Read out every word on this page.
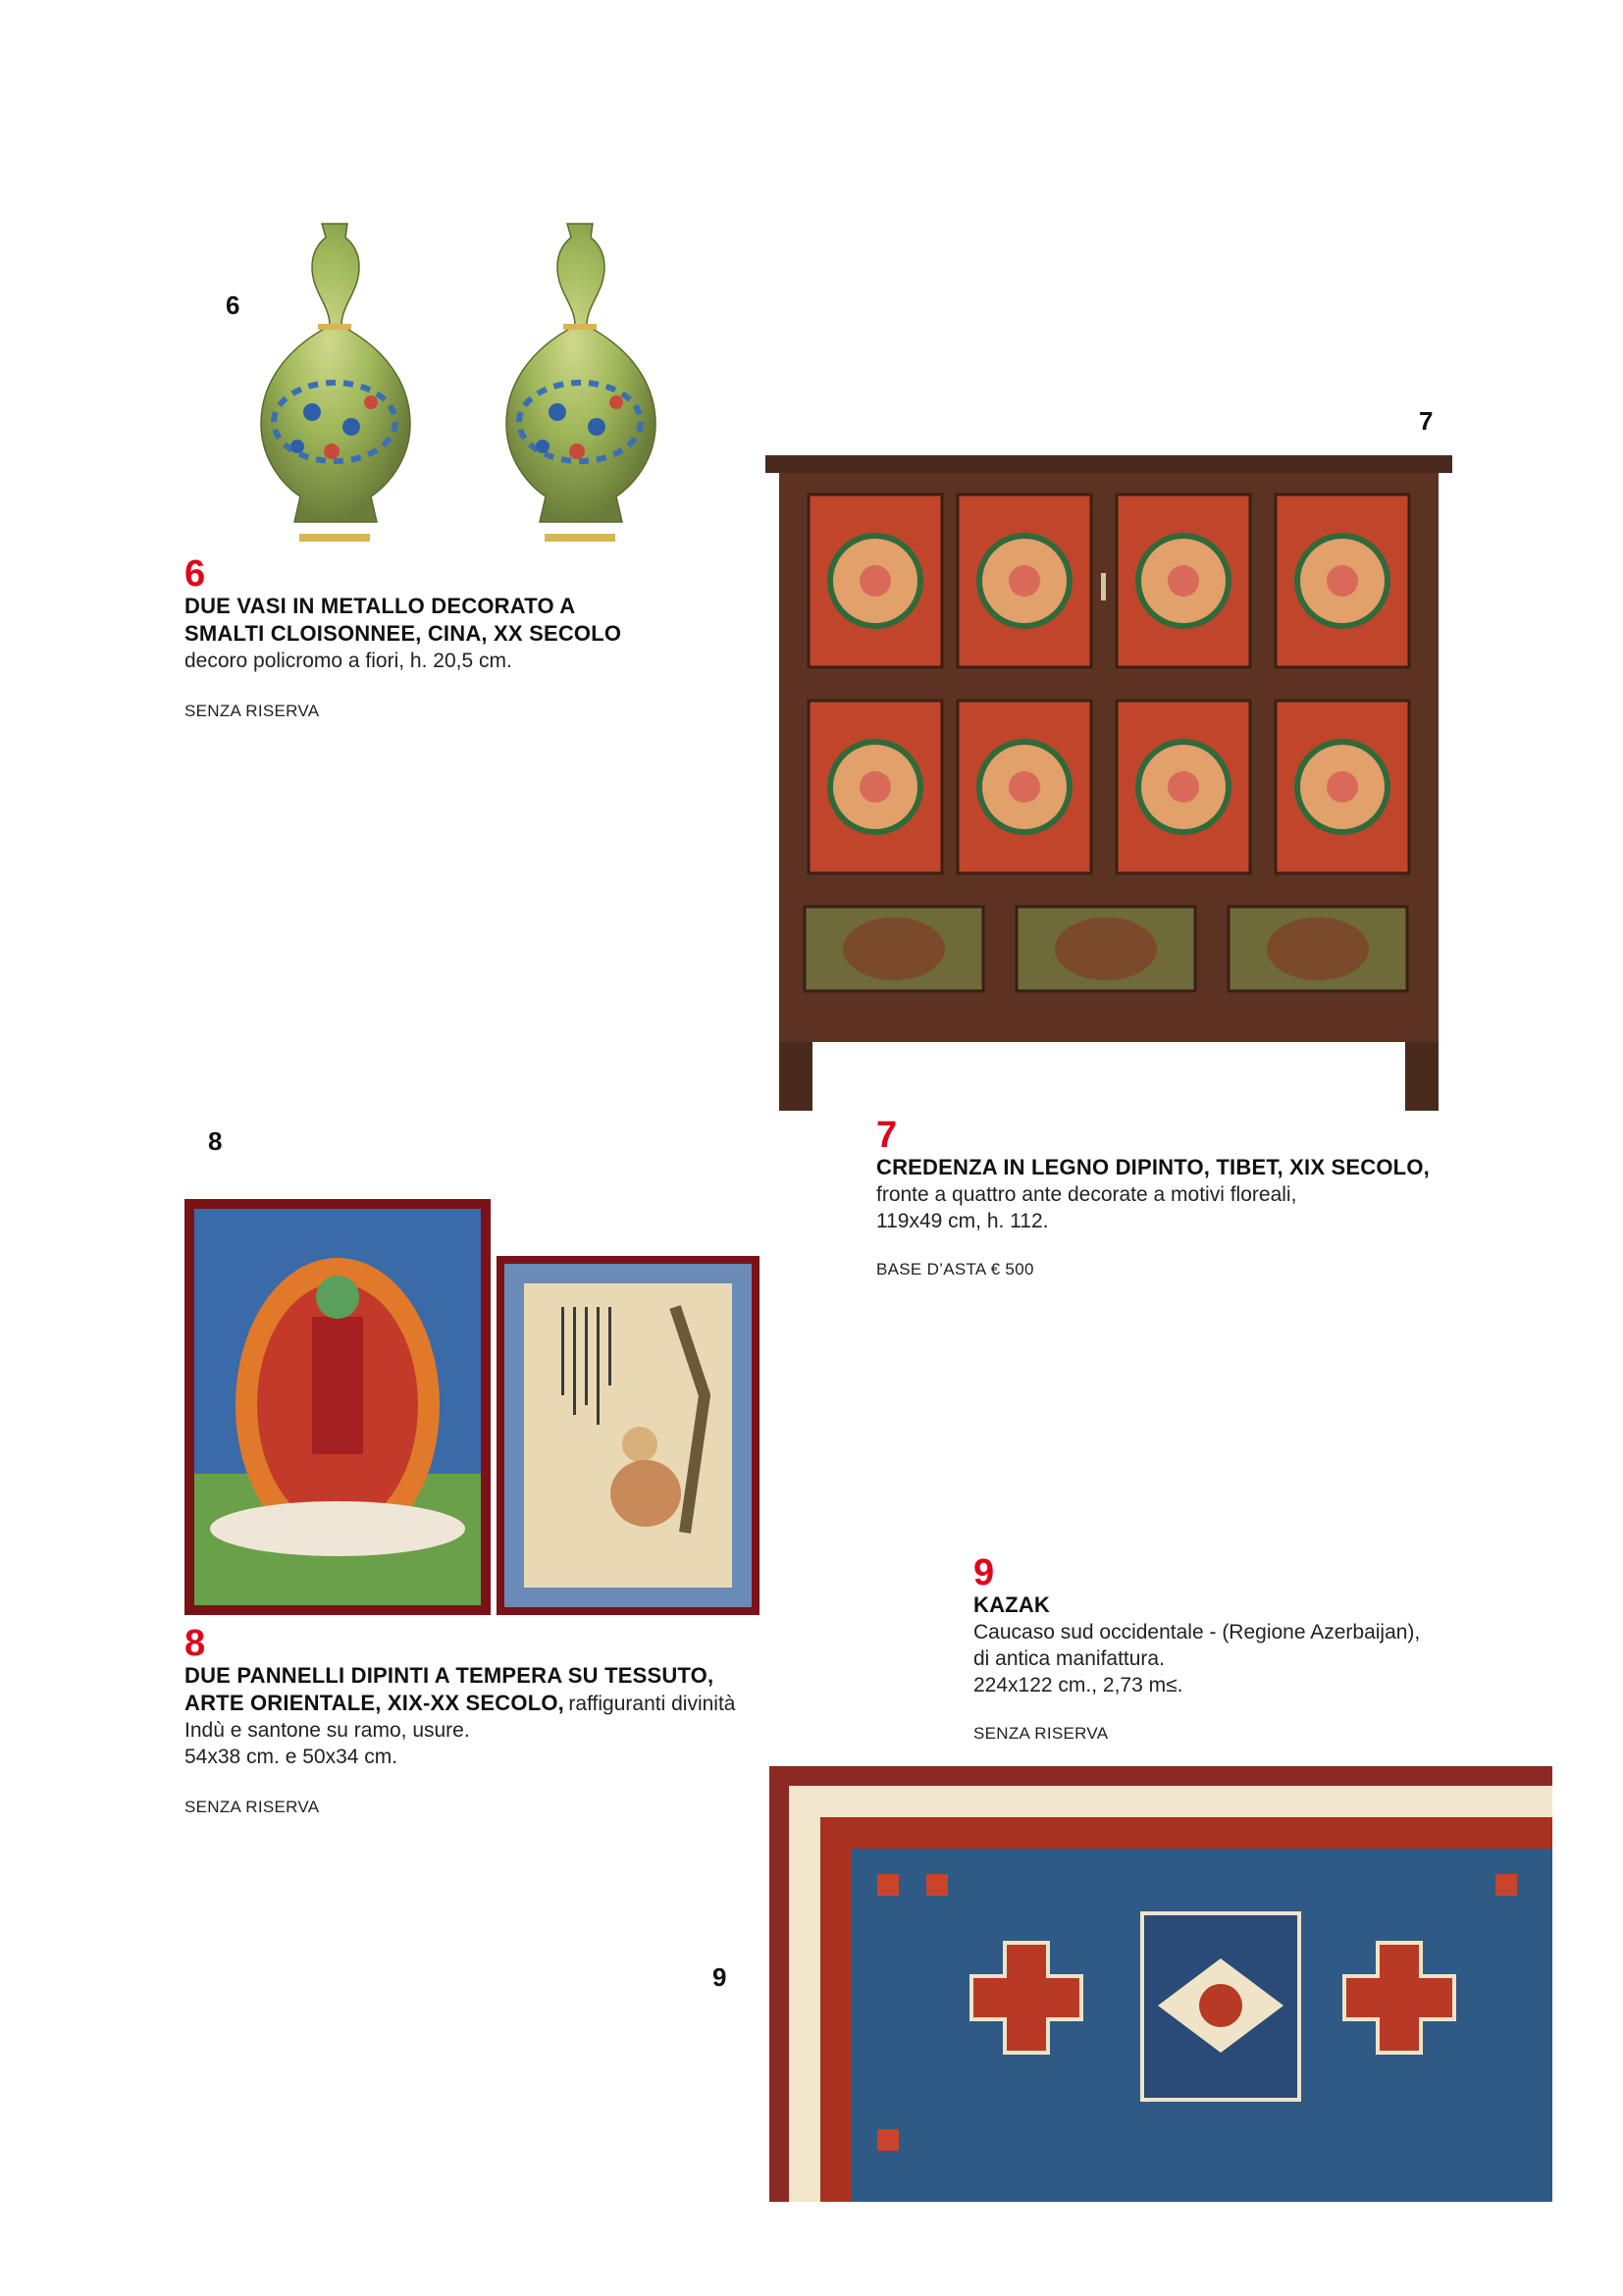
6
6
DUE VASI IN METALLO DECORATO A
SMALTI CLOISONNEE, CINA, XX SECOLO
decoro policromo a fiori, h. 20,5 cm.
SENZA RISERVA
7
7
CREDENZA IN LEGNO DIPINTO, TIBET, XIX SECOLO,
fronte a quattro ante decorate a motivi floreali,
119x49 cm, h. 112.
BASE D’ASTA € 500
8
8
DUE PANNELLI DIPINTI A TEMPERA SU TESSUTO,
ARTE ORIENTALE, XIX-XX SECOLO, raffiguranti divinità
Indù e santone su ramo, usure.
54x38 cm. e 50x34 cm.
SENZA RISERVA
9
KAZAK
Caucaso sud occidentale - (Regione Azerbaijan),
di antica manifattura.
224x122 cm., 2,73 m≤.
SENZA RISERVA
9
